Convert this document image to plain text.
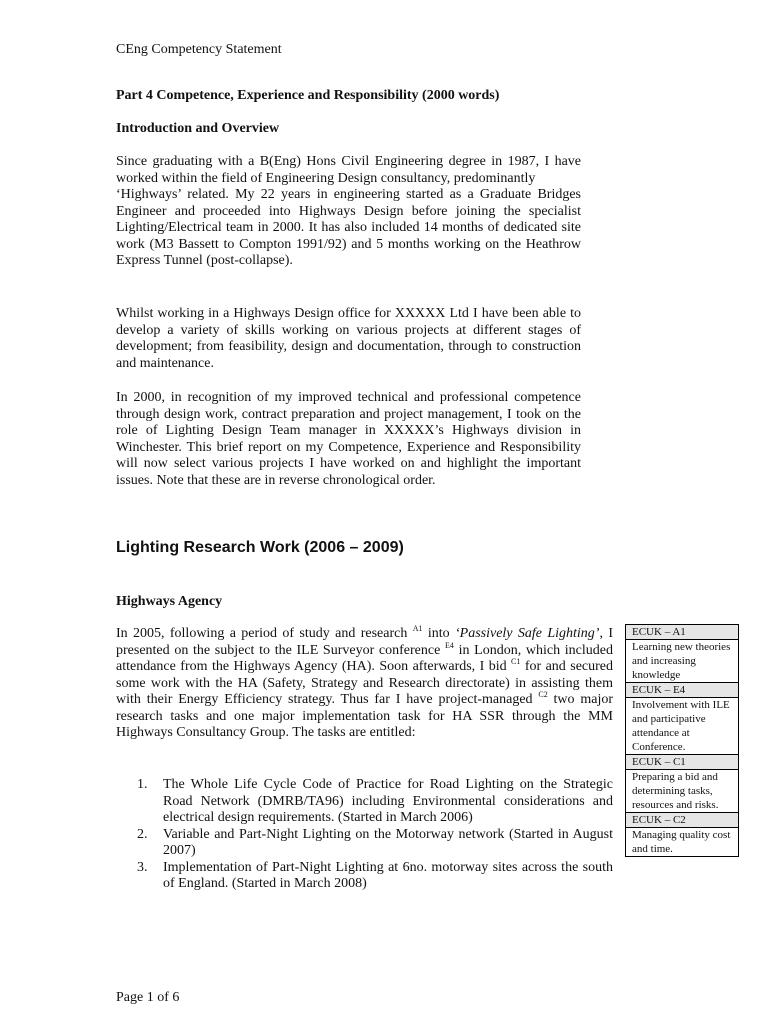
CEng Competency Statement
Part 4 Competence, Experience and Responsibility (2000 words)
Introduction and Overview

Since graduating with a B(Eng) Hons Civil Engineering degree in 1987, I have worked within the field of Engineering Design consultancy, predominantly

‘Highways’ related. My 22 years in engineering started as a Graduate Bridges Engineer and proceeded into Highways Design before joining the specialist Lighting/Electrical team in 2000. It has also included 14 months of dedicated site work (M3 Bassett to Compton 1991/92) and 5 months working on the Heathrow Express Tunnel (post-collapse).

Whilst working in a Highways Design office for XXXXX Ltd I have been able to develop a variety of skills working on various projects at different stages of development; from feasibility, design and documentation, through to construction and maintenance.
In 2000, in recognition of my improved technical and professional competence through design work, contract preparation and project management, I took on the role of Lighting Design Team manager in XXXXX’s Highways division in Winchester. This brief report on my Competence, Experience and Responsibility will now select various projects I have worked on and highlight the important issues. Note that these are in reverse chronological order.
Lighting Research Work (2006 – 2009)
Highways Agency
In 2005, following a period of study and research $^{A1}$ into ‘Passively Safe Lighting’, I presented on the subject to the ILE Surveyor conference $^{E4}$ in London, which included attendance from the Highways Agency (HA). Soon afterwards, I bid $^{C1}$ for and secured some work with the HA (Safety, Strategy and Research directorate) in assisting them with their Energy Efficiency strategy. Thus far I have project-managed $^{C2}$ two major research tasks and one major implementation task for HA SSR through the MM Highways Consultancy Group. The tasks are entitled:
1. The Whole Life Cycle Code of Practice for Road Lighting on the Strategic Road Network (DMRB/TA96) including Environmental considerations and electrical design requirements. (Started in March 2006)
2. Variable and Part-Night Lighting on the Motorway network (Started in August 2007)
3. Implementation of Part-Night Lighting at 6no. motorway sites across the south of England. (Started in March 2008)
ECUK – A1
Learning new theories and increasing knowledge
ECUK – E4
Involvement with ILE and participative attendance at Conference.
ECUK – C1
Preparing a bid and determining tasks, resources and risks.
ECUK – C2
Managing quality cost and time.
Page 1 of 6
